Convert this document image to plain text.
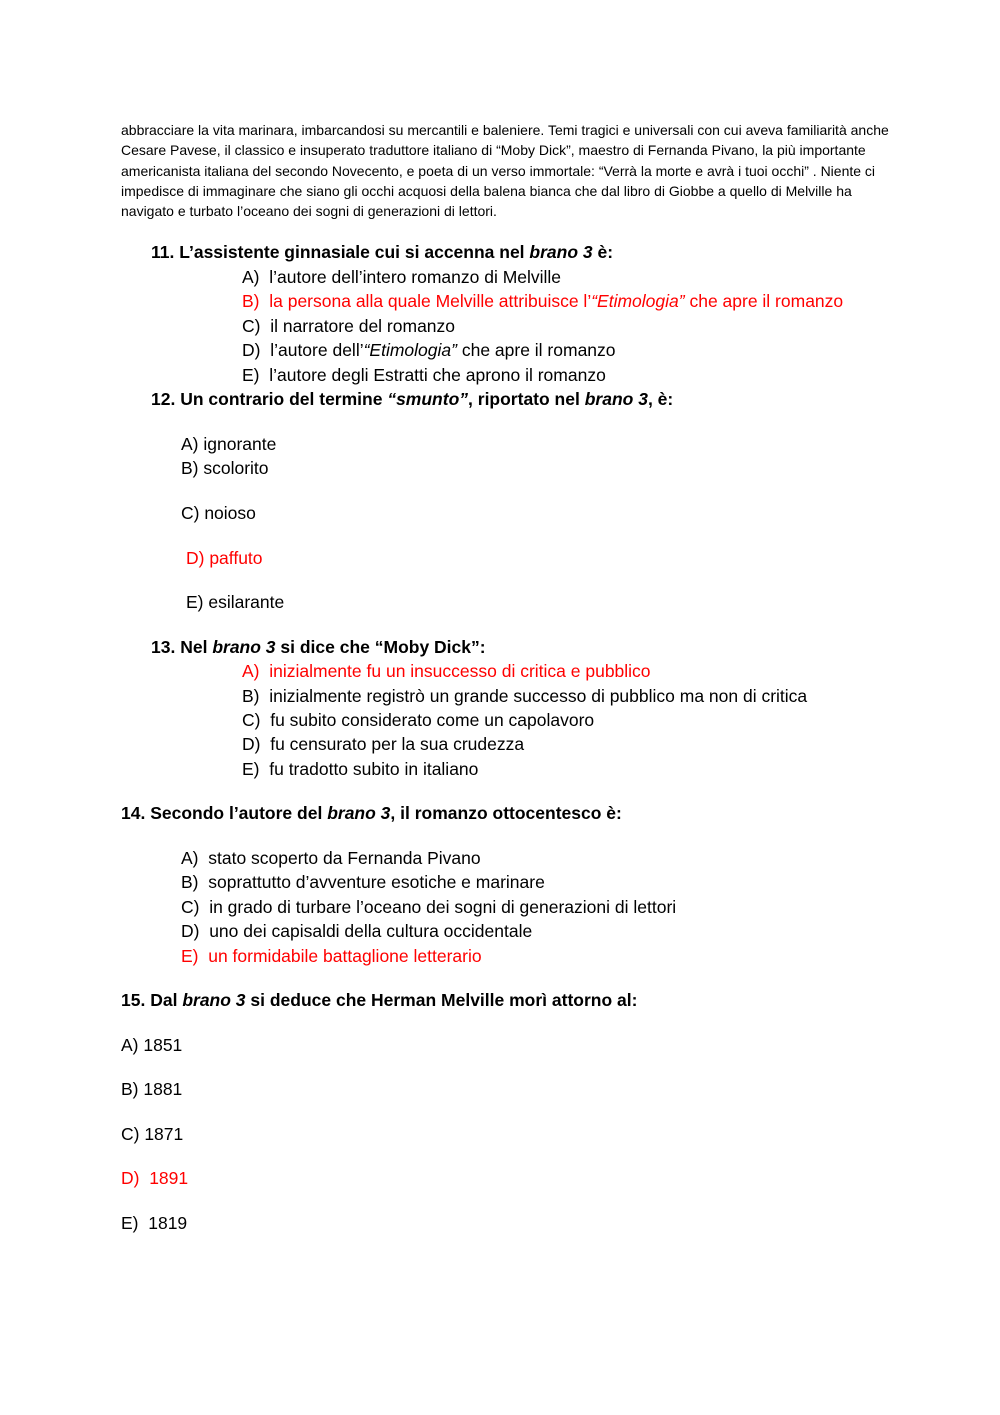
abbracciare la vita marinara, imbarcandosi su mercantili e baleniere. Temi tragici e universali con cui aveva familiarità anche Cesare Pavese, il classico e insuperato traduttore italiano di “Moby Dick”, maestro di Fernanda Pivano, la più importante americanista italiana del secondo Novecento, e poeta di un verso immortale: “Verrà la morte e avrà i tuoi occhi” . Niente ci impedisce di immaginare che siano gli occhi acquosi della balena bianca che dal libro di Giobbe a quello di Melville ha navigato e turbato l’oceano dei sogni di generazioni di lettori.

11. L’assistente ginnasiale cui si accenna nel brano 3 è:
A) l’autore dell’intero romanzo di Melville
B) la persona alla quale Melville attribuisce l’“Etimologia” che apre il romanzo
C) il narratore del romanzo
D) l’autore dell’“Etimologia” che apre il romanzo
E) l’autore degli Estratti che aprono il romanzo
12. Un contrario del termine “smunto”, riportato nel brano 3, è:
A) ignorante
B) scolorito
C) noioso
D) paffuto
E) esilarante
13. Nel brano 3 si dice che “Moby Dick”:
A) inizialmente fu un insuccesso di critica e pubblico
B) inizialmente registrò un grande successo di pubblico ma non di critica
C) fu subito considerato come un capolavoro
D) fu censurato per la sua crudezza
E) fu tradotto subito in italiano
14. Secondo l’autore del brano 3, il romanzo ottocentesco è:
A) stato scoperto da Fernanda Pivano
B) soprattutto d’avventure esotiche e marinare
C) in grado di turbare l’oceano dei sogni di generazioni di lettori
D) uno dei capisaldi della cultura occidentale
E) un formidabile battaglione letterario
15. Dal brano 3 si deduce che Herman Melville morì attorno al:
A) 1851
B) 1881
C) 1871
D)  1891
E)  1819
